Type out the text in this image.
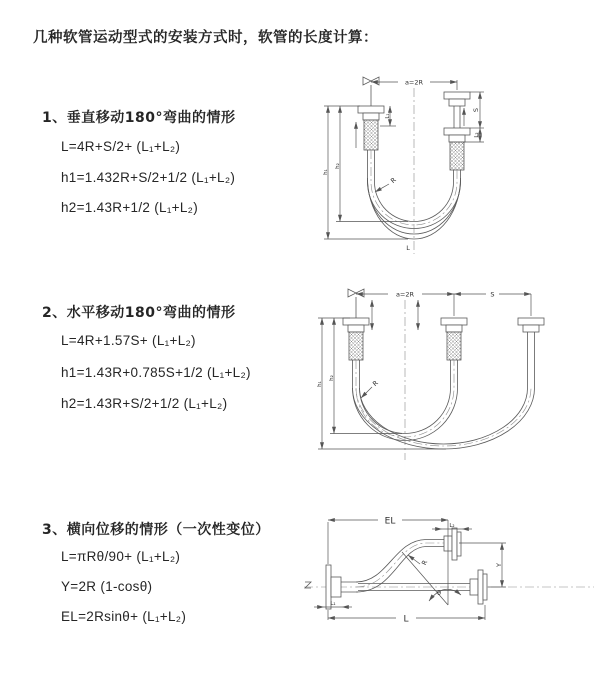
几种软管运动型式的安装方式时，软管的长度计算：
1、垂直移动180°弯曲的情形
L=4R+S/2+ (L₁+L₂)
h1=1.432R+S/2+1/2 (L₁+L₂)
h2=1.43R+1/2 (L₁+L₂)
2、水平移动180°弯曲的情形
L=4R+1.57S+ (L₁+L₂)
h1=1.43R+0.785S+1/2 (L₁+L₂)
h2=1.43R+S/2+1/2 (L₁+L₂)
3、横向位移的情形（一次性变位）
L=πRθ/90+ (L₁+L₂)
Y=2R (1-cosθ)
EL=2Rsinθ+ (L₁+L₂)
a=2R
S
L₂
L₁
h₂
h₁
R
L
a=2R	S
h₂
h₁	R
θ
R
EL	L₂
Y
L₁
L
